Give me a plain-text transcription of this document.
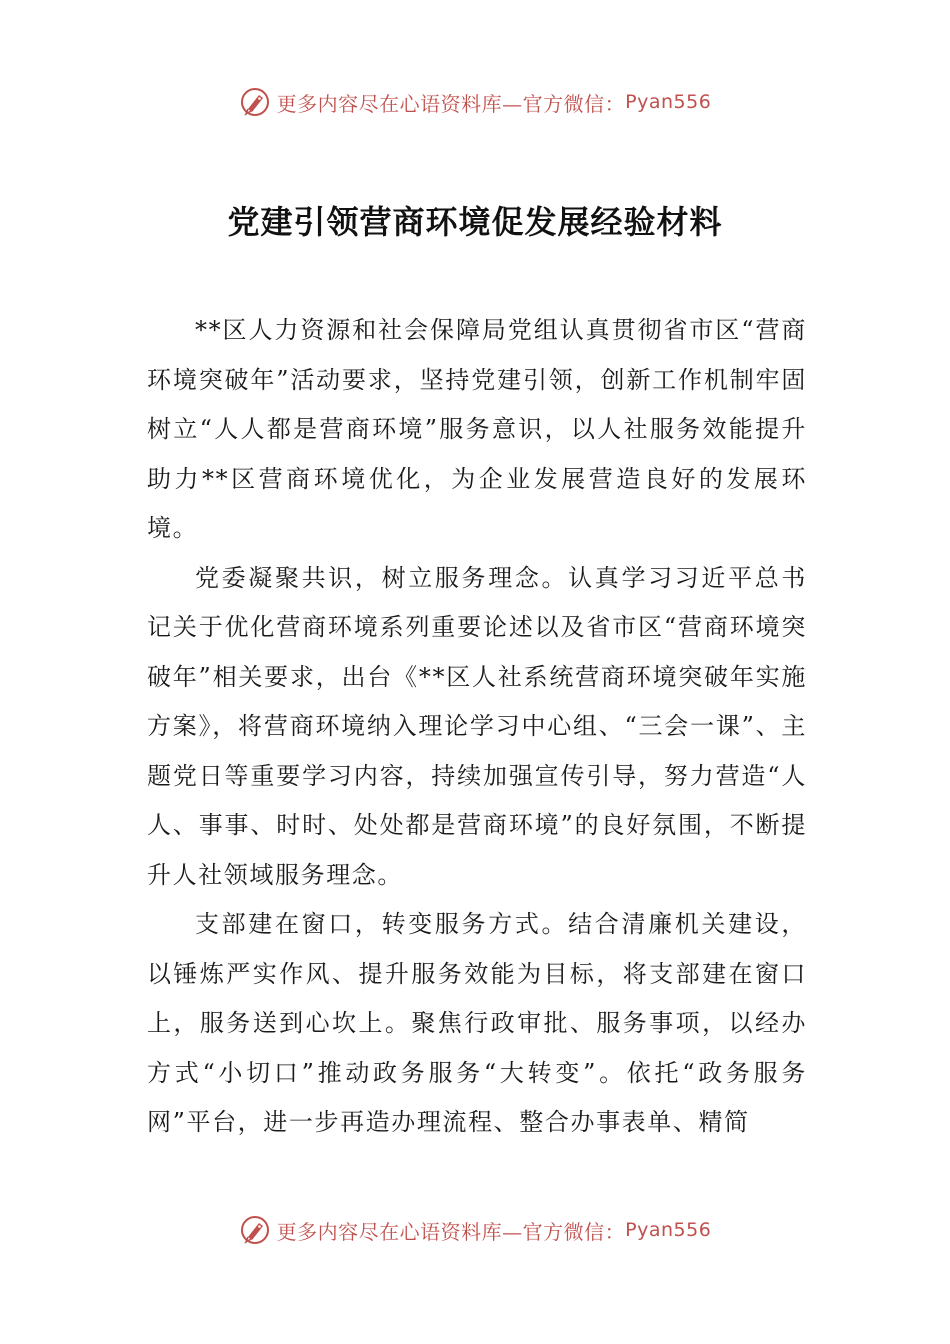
更多内容尽在心语资料库—官方微信： Pyan556
党建引领营商环境促发展经验材料

**区人力资源和社会保障局党组认真贯彻省市区“营商环境突破年”活动要求，坚持党建引领，创新工作机制牢固树立“人人都是营商环境”服务意识，以人社服务效能提升助力**区营商环境优化，为企业发展营造良好的发展环境。

党委凝聚共识，树立服务理念。认真学习习近平总书记关于优化营商环境系列重要论述以及省市区“营商环境突破年”相关要求，出台《**区人社系统营商环境突破年实施方案》，将营商环境纳入理论学习中心组、“三会一课”、主题党日等重要学习内容，持续加强宣传引导，努力营造“人人、事事、时时、处处都是营商环境”的良好氛围，不断提升人社领域服务理念。

支部建在窗口，转变服务方式。结合清廉机关建设，以锤炼严实作风、提升服务效能为目标，将支部建在窗口上，服务送到心坎上。聚焦行政审批、服务事项，以经办方式“小切口”推动政务服务“大转变”。依托“政务服务网”平台，进一步再造办理流程、整合办事表单、精简

更多内容尽在心语资料库—官方微信： Pyan556
